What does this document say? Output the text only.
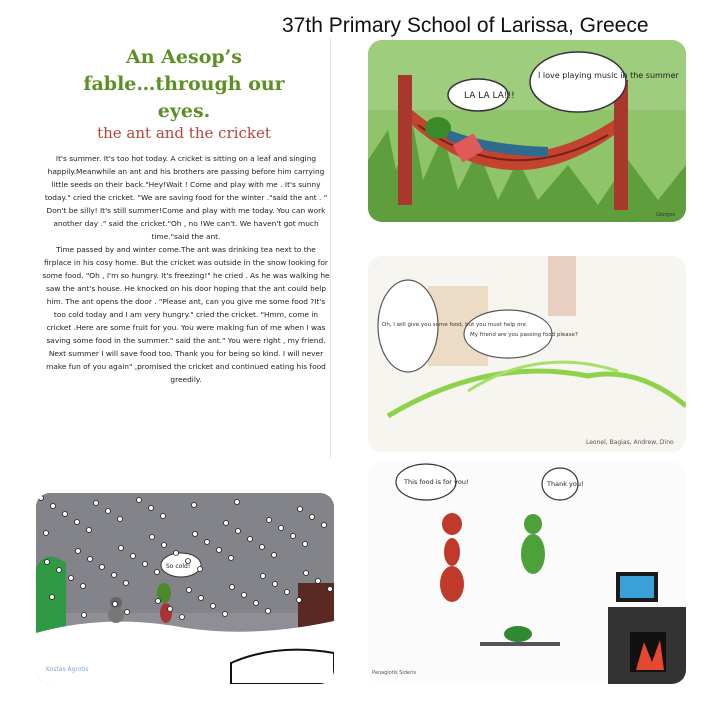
37th Primary School of Larissa, Greece
An Aesop’s
fable…through our
eyes.
the ant and the cricket

It's summer. It's too hot today. A cricket is sitting on a leaf and singing happily.Meanwhile an ant and his brothers are passing before him carrying little seeds on their back."Hey!Wait ! Come and play with me . It's sunny today." cried the cricket. "We are saving food for the winter ."said the ant . " Don't be silly! It's still summer!Come and play with me today. You can work another day ." said the cricket."Oh , no !We can't. We haven't got much time."said the ant.

Time passed by and winter come.The ant was drinking tea next to the firplace in his cosy home. But the cricket was outside in the snow looking for some food. "Oh , I'm so hungry. It's freezing!" he cried . As he was walking he saw the ant's house. He knocked on his door hoping that the ant could help him. The ant opens the door . "Please ant, can you give me some food ?It's too cold today and I am very hungry." cried the cricket. "Hmm, come in cricket .Here are some fruit for you. You were making fun of me when I was saving some food in the summer." said the ant." You were right , my friend. Next summer I will save food too. Thank you for being so kind. I will never make fun of you again" ,promised the cricket and continued eating his food greedily.

LA LA LA!!!
I love playing music in the summer
Giorgos
Oh, I will give you some food, but you must help me.
My friend are you passing food please?
Leonel, Bagias, Andrew, Dino
This food is for you!	Thank you!
Panagiotis Sideris
So cold!
Kostas Agrotis
